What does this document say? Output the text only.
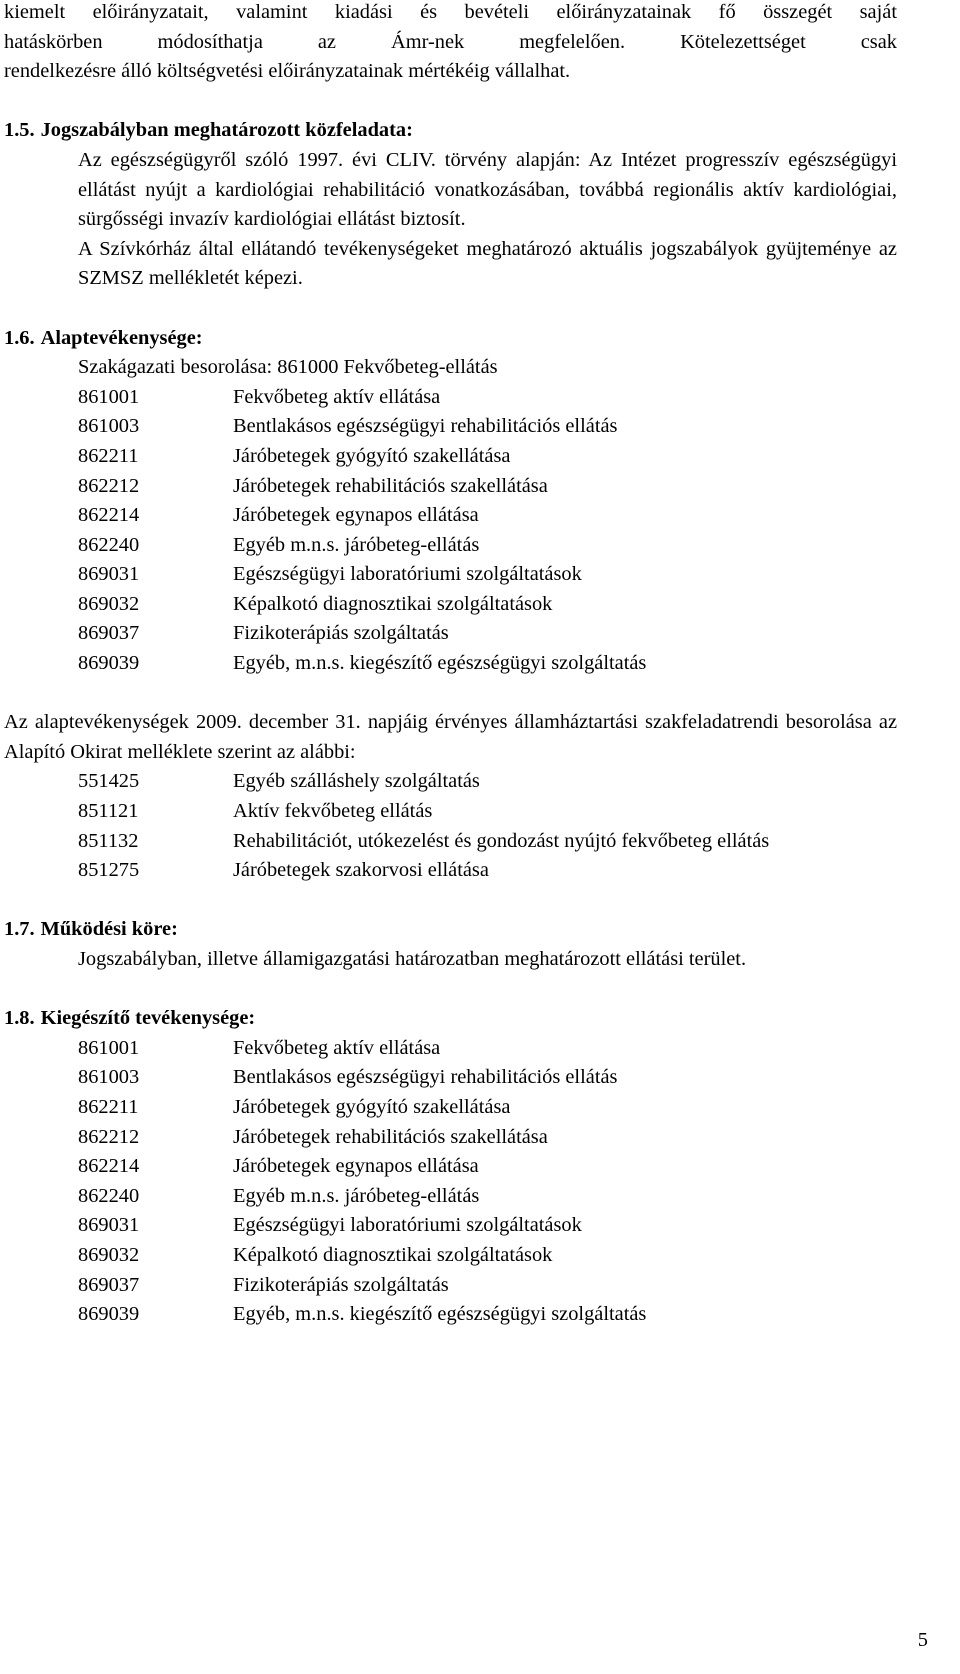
kiemelt előirányzatait, valamint kiadási és bevételi előirányzatainak fő összegét saját

hatáskörben módosíthatja az Ámr-nek megfelelően. Kötelezettséget csak

rendelkezésre álló költségvetési előirányzatainak mértékéig vállalhat.

1.5. Jogszabályban meghatározott közfeladata:

Az egészségügyről szóló 1997. évi CLIV. törvény alapján: Az Intézet progresszív egészségügyi ellátást nyújt a kardiológiai rehabilitáció vonatkozásában, továbbá regionális aktív kardiológiai, sürgősségi invazív kardiológiai ellátást biztosít.

A Szívkórház által ellátandó tevékenységeket meghatározó aktuális jogszabályok gyüjteménye az SZMSZ mellékletét képezi.

1.6. Alaptevékenysége:

Szakágazati besorolása: 861000 Fekvőbeteg-ellátás

861001	Fekvőbeteg aktív ellátása
861003	Bentlakásos egészségügyi rehabilitációs ellátás
862211	Járóbetegek gyógyító szakellátása
862212	Járóbetegek rehabilitációs szakellátása
862214	Járóbetegek egynapos ellátása
862240	Egyéb m.n.s. járóbeteg-ellátás
869031	Egészségügyi laboratóriumi szolgáltatások
869032	Képalkotó diagnosztikai szolgáltatások
869037	Fizikoterápiás szolgáltatás
869039	Egyéb, m.n.s. kiegészítő egészségügyi szolgáltatás

Az alaptevékenységek 2009. december 31. napjáig érvényes államháztartási szakfeladatrendi besorolása az Alapító Okirat melléklete szerint az alábbi:

551425	Egyéb szálláshely szolgáltatás
851121	Aktív fekvőbeteg ellátás
851132	Rehabilitációt, utókezelést és gondozást nyújtó fekvőbeteg ellátás
851275	Járóbetegek szakorvosi ellátása

1.7. Működési köre:

Jogszabályban, illetve államigazgatási határozatban meghatározott ellátási terület.

1.8. Kiegészítő tevékenysége:

861001	Fekvőbeteg aktív ellátása
861003	Bentlakásos egészségügyi rehabilitációs ellátás
862211	Járóbetegek gyógyító szakellátása
862212	Járóbetegek rehabilitációs szakellátása
862214	Járóbetegek egynapos ellátása
862240	Egyéb m.n.s. járóbeteg-ellátás
869031	Egészségügyi laboratóriumi szolgáltatások
869032	Képalkotó diagnosztikai szolgáltatások
869037	Fizikoterápiás szolgáltatás
869039	Egyéb, m.n.s. kiegészítő egészségügyi szolgáltatás
5
